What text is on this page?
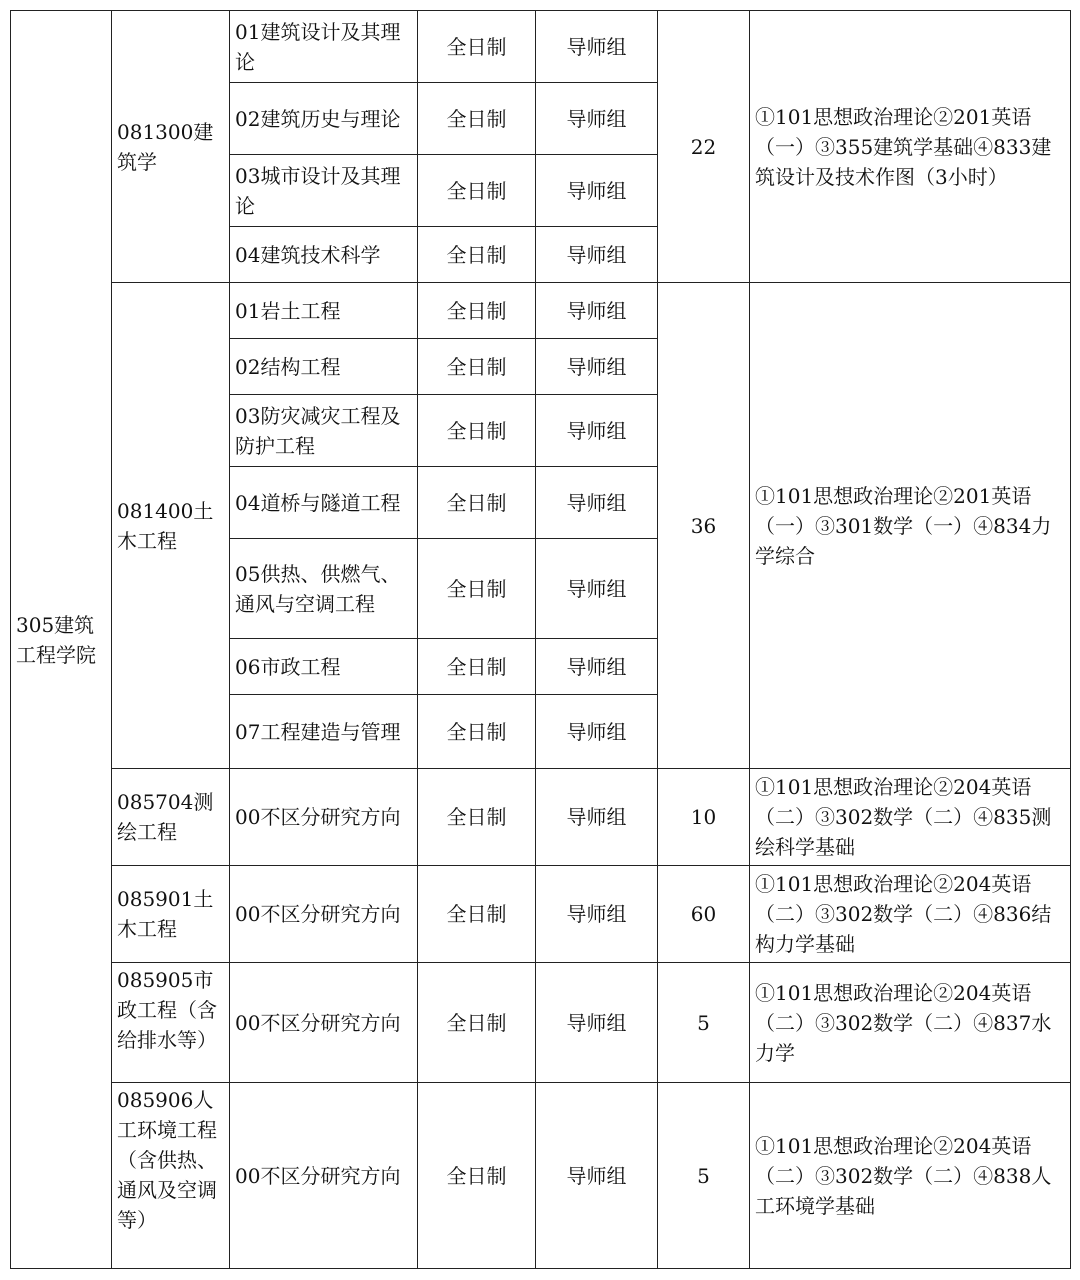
305建筑工程学院	081300建筑学	01建筑设计及其理论	全日制	导师组	22	①101思想政治理论②201英语（一）③355建筑学基础④833建筑设计及技术作图（3小时）
		02建筑历史与理论	全日制	导师组		
		03城市设计及其理论	全日制	导师组		
		04建筑技术科学	全日制	导师组		
	081400土木工程	01岩土工程	全日制	导师组	36	①101思想政治理论②201英语（一）③301数学（一）④834力学综合
		02结构工程	全日制	导师组		
		03防灾减灾工程及防护工程	全日制	导师组		
		04道桥与隧道工程	全日制	导师组		
		05供热、供燃气、通风与空调工程	全日制	导师组		
		06市政工程	全日制	导师组		
		07工程建造与管理	全日制	导师组		
	085704测绘工程	00不区分研究方向	全日制	导师组	10	①101思想政治理论②204英语（二）③302数学（二）④835测绘科学基础
	085901土木工程	00不区分研究方向	全日制	导师组	60	①101思想政治理论②204英语（二）③302数学（二）④836结构力学基础
	085905市政工程（含给排水等）	00不区分研究方向	全日制	导师组	5	①101思想政治理论②204英语（二）③302数学（二）④837水力学
	085906人工环境工程（含供热、通风及空调等）	00不区分研究方向	全日制	导师组	5	①101思想政治理论②204英语（二）③302数学（二）④838人工环境学基础
